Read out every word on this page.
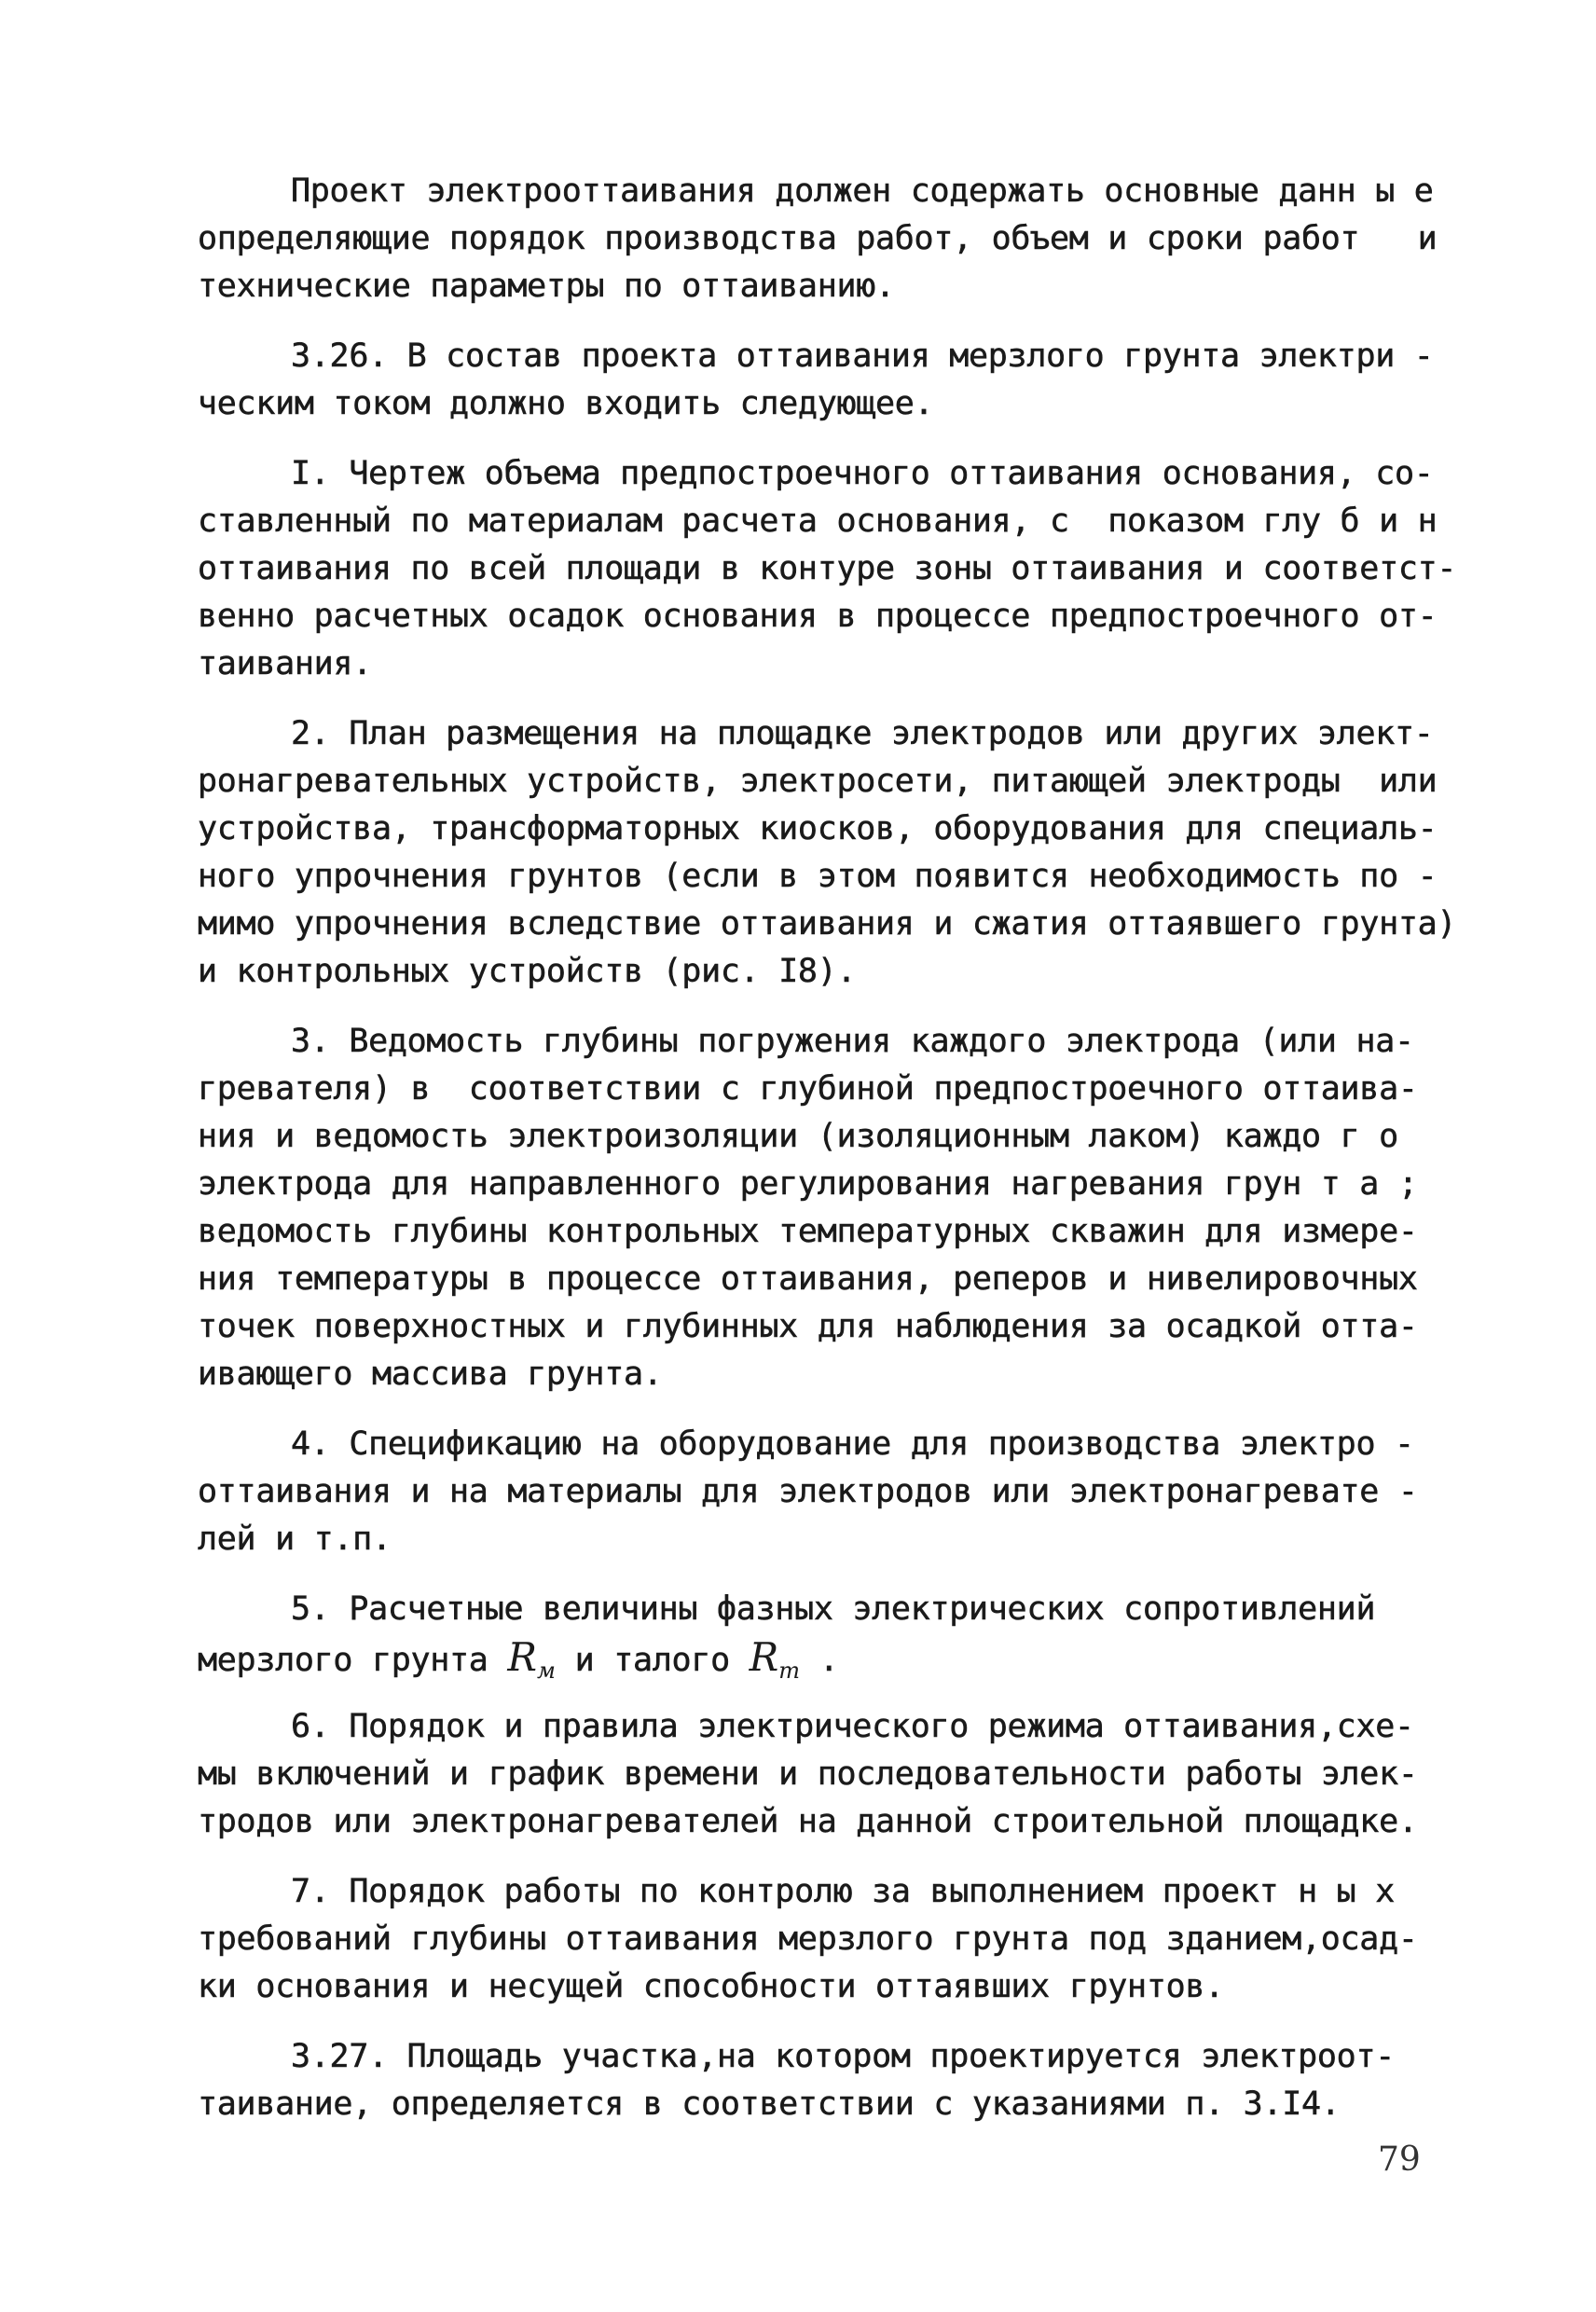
Проект электрооттаивания должен содержать основные данн ы е
определяющие порядок производства работ, объем и сроки работ   и
технические параметры по оттаиванию.
3.26. В состав проекта оттаивания мерзлого грунта электри -
ческим током должно входить следующее.
I. Чертеж объема предпостроечного оттаивания основания, со-
ставленный по материалам расчета основания, с  показом глу б и н
оттаивания по всей площади в контуре зоны оттаивания и соответст-
венно расчетных осадок основания в процессе предпостроечного от-
таивания.
2. План размещения на площадке электродов или других элект-
ронагревательных устройств, электросети, питающей электроды  или
устройства, трансформаторных киосков, оборудования для специаль-
ного упрочнения грунтов (если в этом появится необходимость по -
мимо упрочнения вследствие оттаивания и сжатия оттаявшего грунта)
и контрольных устройств (рис. I8).
3. Ведомость глубины погружения каждого электрода (или на-
гревателя) в  соответствии с глубиной предпостроечного оттаива-
ния и ведомость электроизоляции (изоляционным лаком) каждо г о
электрода для направленного регулирования нагревания грун т а ;
ведомость глубины контрольных температурных скважин для измере-
ния температуры в процессе оттаивания, реперов и нивелировочных
точек поверхностных и глубинных для наблюдения за осадкой отта-
ивающего массива грунта.
4. Спецификацию на оборудование для производства электро -
оттаивания и на материалы для электродов или электронагревате -
лей и т.п.
5. Расчетные величины фазных электрических сопротивлений
мерзлого грунта $R_м$ и талого $R_т$ .
6. Порядок и правила электрического режима оттаивания,схе-
мы включений и график времени и последовательности работы элек-
тродов или электронагревателей на данной строительной площадке.
7. Порядок работы по контролю за выполнением проект н ы х
требований глубины оттаивания мерзлого грунта под зданием,осад-
ки основания и несущей способности оттаявших грунтов.
3.27. Площадь участка,на котором проектируется электроот-
таивание, определяется в соответствии с указаниями п. 3.I4.
79
